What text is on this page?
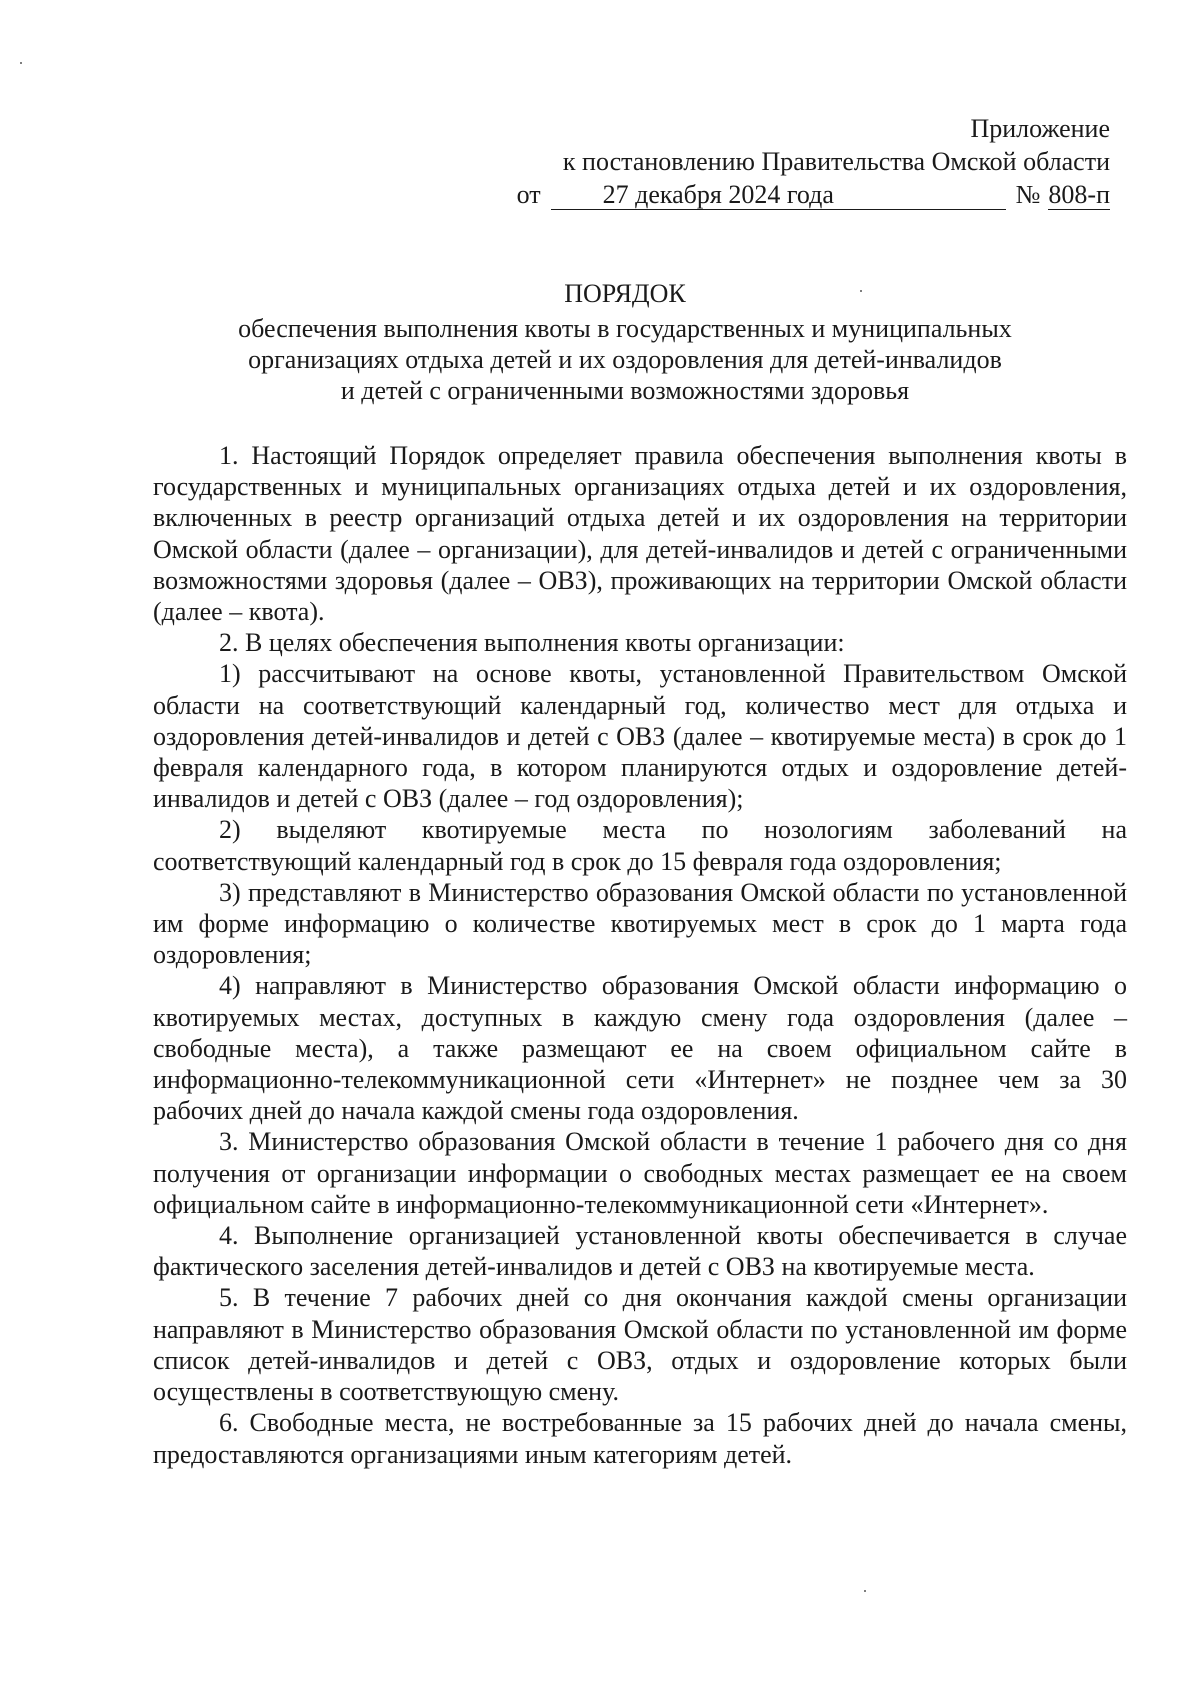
Приложение
к постановлению Правительства Омской области
от	27 декабря 2024 года	№ 808-п
ПОРЯДОК
обеспечения выполнения квоты в государственных и муниципальных
организациях отдыха детей и их оздоровления для детей-инвалидов
и детей с ограниченными возможностями здоровья

1. Настоящий Порядок определяет правила обеспечения выполнения квоты в государственных и муниципальных организациях отдыха детей и их оздоровления, включенных в реестр организаций отдыха детей и их оздоровления на территории Омской области (далее – организации), для детей-инвалидов и детей с ограниченными возможностями здоровья (далее – ОВЗ), проживающих на территории Омской области (далее – квота).

2. В целях обеспечения выполнения квоты организации:

1) рассчитывают на основе квоты, установленной Правительством Омской области на соответствующий календарный год, количество мест для отдыха и оздоровления детей-инвалидов и детей с ОВЗ (далее – квотируемые места) в срок до 1 февраля календарного года, в котором планируются отдых и оздоровление детей-инвалидов и детей с ОВЗ (далее – год оздоровления);

2) выделяют квотируемые места по нозологиям заболеваний на соответствующий календарный год в срок до 15 февраля года оздоровления;

3) представляют в Министерство образования Омской области по установленной им форме информацию о количестве квотируемых мест в срок до 1 марта года оздоровления;

4) направляют в Министерство образования Омской области информацию о квотируемых местах, доступных в каждую смену года оздоровления (далее – свободные места), а также размещают ее на своем официальном сайте в информационно-телекоммуникационной сети «Интернет» не позднее чем за 30 рабочих дней до начала каждой смены года оздоровления.

3. Министерство образования Омской области в течение 1 рабочего дня со дня получения от организации информации о свободных местах размещает ее на своем официальном сайте в информационно-телекоммуникационной сети «Интернет».

4. Выполнение организацией установленной квоты обеспечивается в случае фактического заселения детей-инвалидов и детей с ОВЗ на квотируемые места.

5. В течение 7 рабочих дней со дня окончания каждой смены организации направляют в Министерство образования Омской области по установленной им форме список детей-инвалидов и детей с ОВЗ, отдых и оздоровление которых были осуществлены в соответствующую смену.

6. Свободные места, не востребованные за 15 рабочих дней до начала смены, предоставляются организациями иным категориям детей.
